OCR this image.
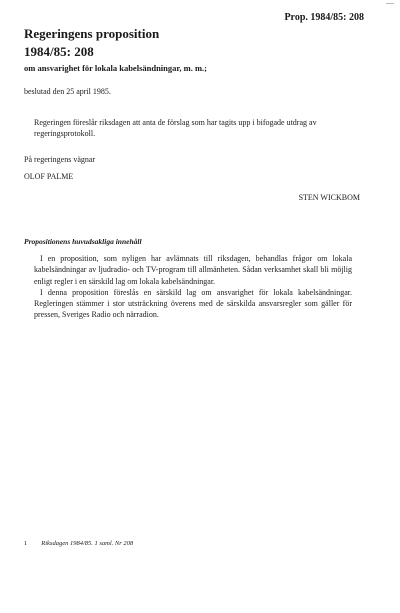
Prop. 1984/85: 208
Regeringens proposition
1984/85: 208
om ansvarighet för lokala kabelsändningar, m. m.;
beslutad den 25 april 1985.
Regeringen föreslår riksdagen att anta de förslag som har tagits upp i bifogade utdrag av regeringsprotokoll.
På regeringens vägnar
OLOF PALME
STEN WICKBOM
Propositionens huvudsakliga innehåll

I en proposition, som nyligen har avlämnats till riksdagen, behandlas frågor om lokala kabelsändningar av ljudradio- och TV-program till allmänheten. Sådan verksamhet skall bli möjlig enligt regler i en särskild lag om lokala kabelsändningar.

I denna proposition föreslås en särskild lag om ansvarighet för lokala kabelsändningar. Regleringen stämmer i stor utsträckning överens med de särskilda ansvarsregler som gäller för pressen, Sveriges Radio och närradion.

1 Riksdagen 1984/85. 1 saml. Nr 208
